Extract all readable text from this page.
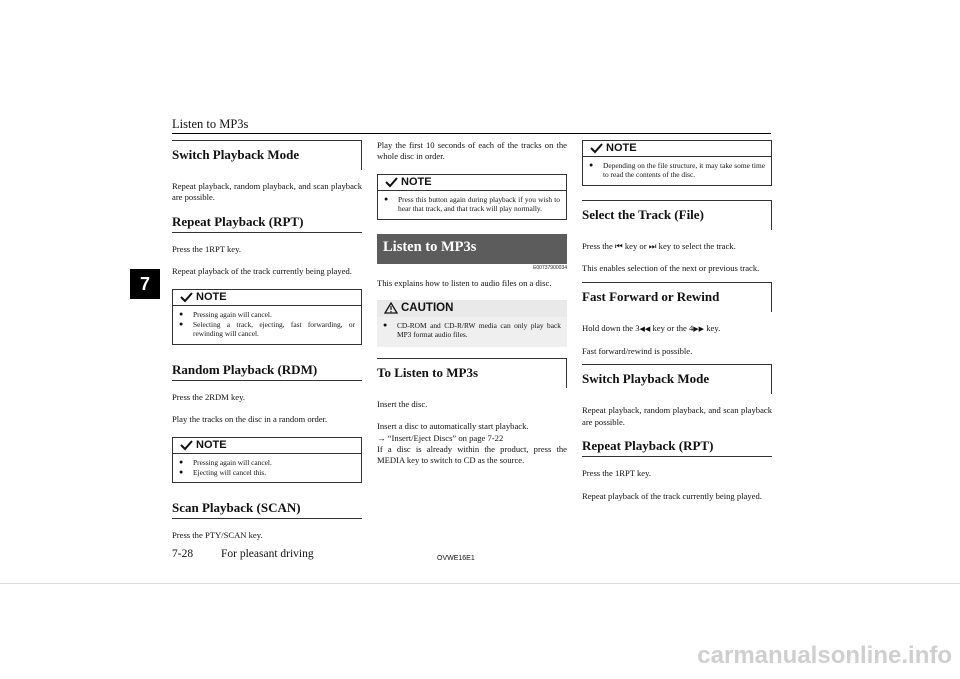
Listen to MP3s
7
Switch Playback Mode

Repeat playback, random playback, and scan playback are possible.

Repeat Playback (RPT)

Press the 1RPT key.

Repeat playback of the track currently being played.

NOTE

● Pressing again will cancel.

● Selecting a track, ejecting, fast forwarding, or rewinding will cancel.

Random Playback (RDM)

Press the 2RDM key.

Play the tracks on the disc in a random order.

NOTE

● Pressing again will cancel.

● Ejecting will cancel this.

Scan Playback (SCAN)

Press the PTY/SCAN key.

Play the first 10 seconds of each of the tracks on the whole disc in order.

NOTE

● Press this button again during playback if you wish to hear that track, and that track will play normally.

Listen to MP3s
E00737900034

This explains how to listen to audio files on a disc.

CAUTION

● CD-ROM and CD-R/RW media can only play back MP3 format audio files.

To Listen to MP3s

Insert the disc.

Insert a disc to automatically start playback.

→ “Insert/Eject Discs” on page 7-22

If a disc is already within the product, press the MEDIA key to switch to CD as the source.

NOTE

● Depending on the file structure, it may take some time to read the contents of the disc.

Select the Track (File)

Press the ⏮ key or ⏭ key to select the track.

This enables selection of the next or previous track.

Fast Forward or Rewind

Hold down the 3◀◀ key or the 4▶▶ key.

Fast forward/rewind is possible.

Switch Playback Mode

Repeat playback, random playback, and scan playback are possible.

Repeat Playback (RPT)

Press the 1RPT key.

Repeat playback of the track currently being played.

7-28 For pleasant driving	OVWE16E1
carmanualsonline.info
